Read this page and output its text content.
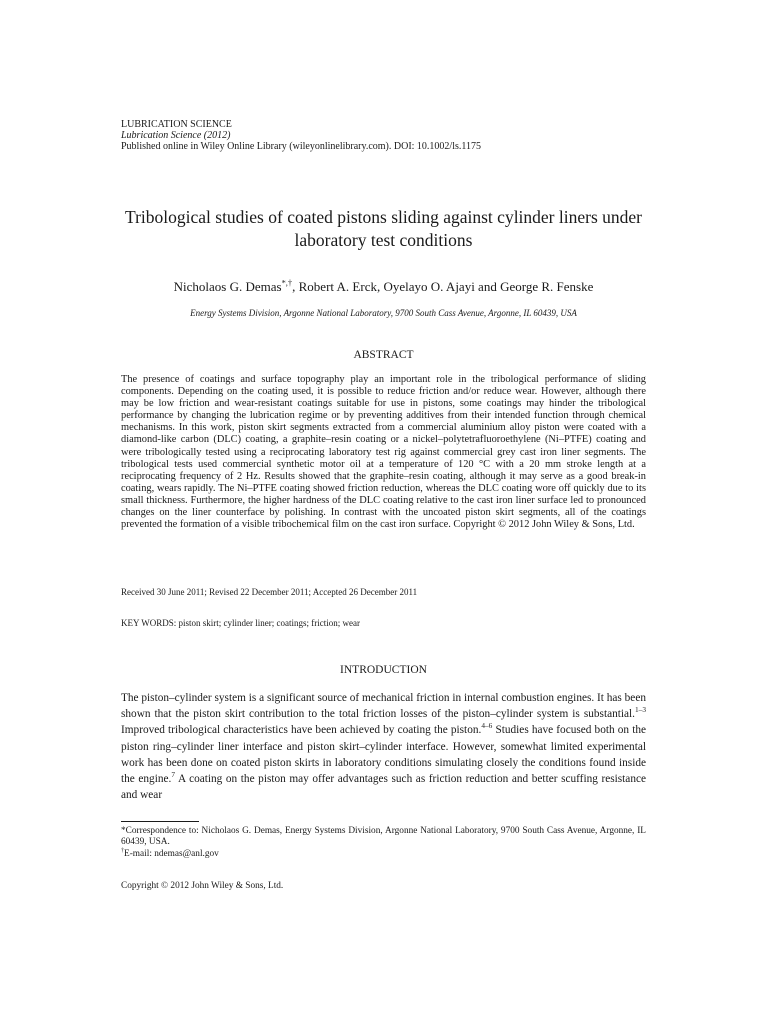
LUBRICATION SCIENCE
Lubrication Science (2012)
Published online in Wiley Online Library (wileyonlinelibrary.com). DOI: 10.1002/ls.1175
Tribological studies of coated pistons sliding against cylinder liners under laboratory test conditions
Nicholaos G. Demas*,†, Robert A. Erck, Oyelayo O. Ajayi and George R. Fenske
Energy Systems Division, Argonne National Laboratory, 9700 South Cass Avenue, Argonne, IL 60439, USA
ABSTRACT

The presence of coatings and surface topography play an important role in the tribological performance of sliding components. Depending on the coating used, it is possible to reduce friction and/or reduce wear. However, although there may be low friction and wear-resistant coatings suitable for use in pistons, some coatings may hinder the tribological performance by changing the lubrication regime or by preventing additives from their intended function through chemical mechanisms. In this work, piston skirt segments extracted from a commercial aluminium alloy piston were coated with a diamond-like carbon (DLC) coating, a graphite–resin coating or a nickel–polytetrafluoroethylene (Ni–PTFE) coating and were tribologically tested using a reciprocating laboratory test rig against commercial grey cast iron liner segments. The tribological tests used commercial synthetic motor oil at a temperature of 120 °C with a 20 mm stroke length at a reciprocating frequency of 2 Hz. Results showed that the graphite–resin coating, although it may serve as a good break-in coating, wears rapidly. The Ni–PTFE coating showed friction reduction, whereas the DLC coating wore off quickly due to its small thickness. Furthermore, the higher hardness of the DLC coating relative to the cast iron liner surface led to pronounced changes on the liner counterface by polishing. In contrast with the uncoated piston skirt segments, all of the coatings prevented the formation of a visible tribochemical film on the cast iron surface. Copyright © 2012 John Wiley & Sons, Ltd.

Received 30 June 2011; Revised 22 December 2011; Accepted 26 December 2011
KEY WORDS: piston skirt; cylinder liner; coatings; friction; wear
INTRODUCTION

The piston–cylinder system is a significant source of mechanical friction in internal combustion engines. It has been shown that the piston skirt contribution to the total friction losses of the piston–cylinder system is substantial.$^{1-3}$ Improved tribological characteristics have been achieved by coating the piston.$^{4-6}$ Studies have focused both on the piston ring–cylinder liner interface and piston skirt–cylinder interface. However, somewhat limited experimental work has been done on coated piston skirts in laboratory conditions simulating closely the conditions found inside the engine.$^7$ A coating on the piston may offer advantages such as friction reduction and better scuffing resistance and wear

*Correspondence to: Nicholaos G. Demas, Energy Systems Division, Argonne National Laboratory, 9700 South Cass Avenue, Argonne, IL 60439, USA.
†E-mail: ndemas@anl.gov
Copyright © 2012 John Wiley & Sons, Ltd.
